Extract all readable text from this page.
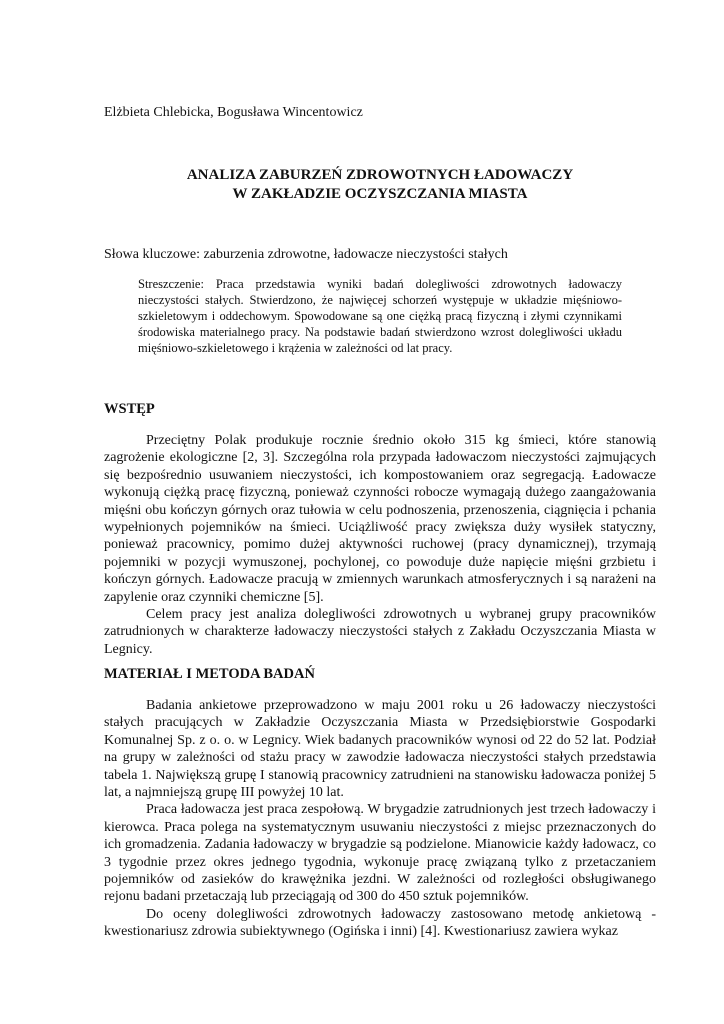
Elżbieta Chlebicka, Bogusława Wincentowicz
ANALIZA ZABURZEŃ ZDROWOTNYCH ŁADOWACZY
W ZAKŁADZIE OCZYSZCZANIA MIASTA
Słowa kluczowe: zaburzenia zdrowotne, ładowacze nieczystości stałych
Streszczenie: Praca przedstawia wyniki badań dolegliwości zdrowotnych ładowaczy nieczystości stałych. Stwierdzono, że najwięcej schorzeń występuje w układzie mięśniowo- szkieletowym i oddechowym. Spowodowane są one ciężką pracą fizyczną i złymi czynnikami środowiska materialnego pracy. Na podstawie badań stwierdzono wzrost dolegliwości układu mięśniowo-szkieletowego i krążenia w zależności od lat pracy.
WSTĘP

Przeciętny Polak produkuje rocznie średnio około 315 kg śmieci, które stanowią zagrożenie ekologiczne [2, 3]. Szczególna rola przypada ładowaczom nieczystości zajmujących się bezpośrednio usuwaniem nieczystości, ich kompostowaniem oraz segregacją. Ładowacze wykonują ciężką pracę fizyczną, ponieważ czynności robocze wymagają dużego zaangażowania mięśni obu kończyn górnych oraz tułowia w celu podnoszenia, przenoszenia, ciągnięcia i pchania wypełnionych pojemników na śmieci. Uciążliwość pracy zwiększa duży wysiłek statyczny, ponieważ pracownicy, pomimo dużej aktywności ruchowej (pracy dynamicznej), trzymają pojemniki w pozycji wymuszonej, pochylonej, co powoduje duże napięcie mięśni grzbietu i kończyn górnych. Ładowacze pracują w zmiennych warunkach atmosferycznych i są narażeni na zapylenie oraz czynniki chemiczne [5].

Celem pracy jest analiza dolegliwości zdrowotnych u wybranej grupy pracowników zatrudnionych w charakterze ładowaczy nieczystości stałych z Zakładu Oczyszczania Miasta w Legnicy.

MATERIAŁ I METODA BADAŃ

Badania ankietowe przeprowadzono w maju 2001 roku u 26 ładowaczy nieczystości stałych pracujących w Zakładzie Oczyszczania Miasta w Przedsiębiorstwie Gospodarki Komunalnej Sp. z o. o. w Legnicy. Wiek badanych pracowników wynosi od 22 do 52 lat. Podział na grupy w zależności od stażu pracy w zawodzie ładowacza nieczystości stałych przedstawia tabela 1. Największą grupę I stanowią pracownicy zatrudnieni na stanowisku ładowacza poniżej 5 lat, a najmniejszą grupę III powyżej 10 lat.

Praca ładowacza jest praca zespołową. W brygadzie zatrudnionych jest trzech ładowaczy i kierowca. Praca polega na systematycznym usuwaniu nieczystości z miejsc przeznaczonych do ich gromadzenia. Zadania ładowaczy w brygadzie są podzielone. Mianowicie każdy ładowacz, co 3 tygodnie przez okres jednego tygodnia, wykonuje pracę związaną tylko z przetaczaniem pojemników od zasieków do krawężnika jezdni. W zależności od rozległości obsługiwanego rejonu badani przetaczają lub przeciągają od 300 do 450 sztuk pojemników.

Do oceny dolegliwości zdrowotnych ładowaczy zastosowano metodę ankietową - kwestionariusz zdrowia subiektywnego (Ogińska i inni) [4]. Kwestionariusz zawiera wykaz
